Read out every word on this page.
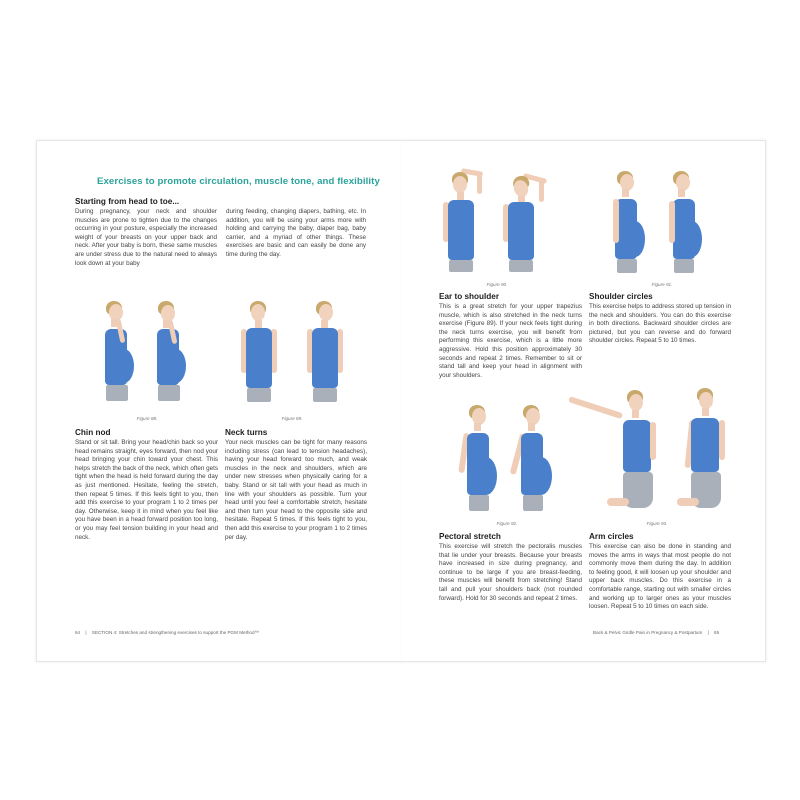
Exercises to promote circulation, muscle tone, and flexibility
Starting from head to toe...
During pregnancy, your neck and shoulder muscles are prone to tighten due to the changes occurring in your posture, especially the increased weight of your breasts on your upper back and neck. After your baby is born, these same muscles are under stress due to the natural need to always look down at your baby
during feeding, changing diapers, bathing, etc. In addition, you will be using your arms more with holding and carrying the baby, diaper bag, baby carrier, and a myriad of other things. These exercises are basic and can easily be done any time during the day.
Figure 88.
Chin nod
Stand or sit tall. Bring your head/chin back so your head remains straight, eyes forward, then nod your head bringing your chin toward your chest. This helps stretch the back of the neck, which often gets tight when the head is held forward during the day as just mentioned. Hesitate, feeling the stretch, then repeat 5 times. If this feels tight to you, then add this exercise to your program 1 to 2 times per day. Otherwise, keep it in mind when you feel like you have been in a head forward position too long, or you may feel tension building in your head and neck.
Figure 89.
Neck turns
Your neck muscles can be tight for many reasons including stress (can lead to tension headaches), having your head forward too much, and weak muscles in the neck and shoulders, which are under new stresses when physically caring for a baby. Stand or sit tall with your head as much in line with your shoulders as possible. Turn your head until you feel a comfortable stretch, hesitate and then turn your head to the opposite side and hesitate. Repeat 5 times. If this feels tight to you, then add this exercise to your program 1 to 2 times per day.
64 | SECTION 4: Stretches and strengthening exercises to support the PGM Method™
Figure 90.
Ear to shoulder
This is a great stretch for your upper trapezius muscle, which is also stretched in the neck turns exercise (Figure 89). If your neck feels tight during the neck turns exercise, you will benefit from performing this exercise, which is a little more aggressive. Hold this position approximately 30 seconds and repeat 2 times. Remember to sit or stand tall and keep your head in alignment with your shoulders.
Figure 91.
Shoulder circles
This exercise helps to address stored up tension in the neck and shoulders. You can do this exercise in both directions. Backward shoulder circles are pictured, but you can reverse and do forward shoulder circles. Repeat 5 to 10 times.
Figure 92.
Pectoral stretch
This exercise will stretch the pectoralis muscles that lie under your breasts. Because your breasts have increased in size during pregnancy, and continue to be large if you are breast-feeding, these muscles will benefit from stretching! Stand tall and pull your shoulders back (not rounded forward). Hold for 30 seconds and repeat 2 times.
Figure 93.
Arm circles
This exercise can also be done in standing and moves the arms in ways that most people do not commonly move them during the day. In addition to feeling good, it will loosen up your shoulder and upper back muscles. Do this exercise in a comfortable range, starting out with smaller circles and working up to larger ones as your muscles loosen. Repeat 5 to 10 times on each side.
Back & Pelvic Girdle Pain in Pregnancy & Postpartum | 65
